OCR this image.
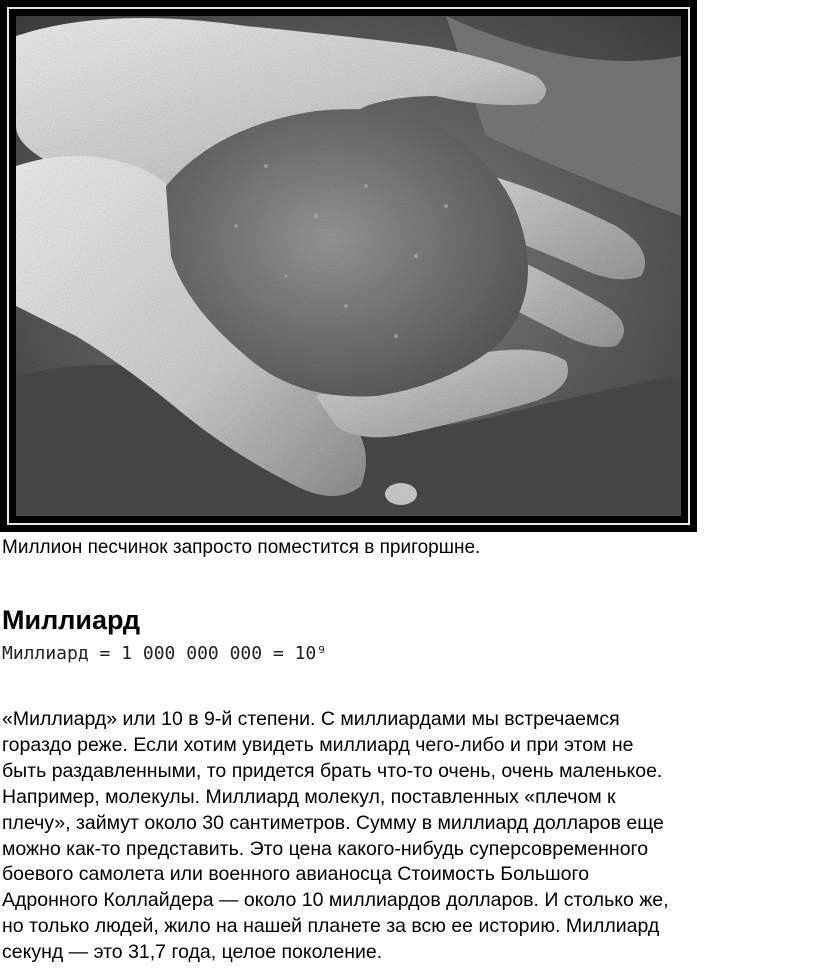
Миллион песчинок запросто поместится в пригоршне.
Миллиард
Миллиард = 1 000 000 000 = 10⁹
«Миллиард» или 10 в 9-й степени. С миллиардами мы встречаемся
гораздо реже. Если хотим увидеть миллиард чего-либо и при этом не
быть раздавленными, то придется брать что-то очень, очень маленькое.
Например, молекулы. Миллиард молекул, поставленных «плечом к
плечу», займут около 30 сантиметров. Сумму в миллиард долларов еще
можно как-то представить. Это цена какого-нибудь суперсовременного
боевого самолета или военного авианосца Стоимость Большого
Адронного Коллайдера — около 10 миллиардов долларов. И столько же,
но только людей, жило на нашей планете за всю ее историю. Миллиард
секунд — это 31,7 года, целое поколение.
